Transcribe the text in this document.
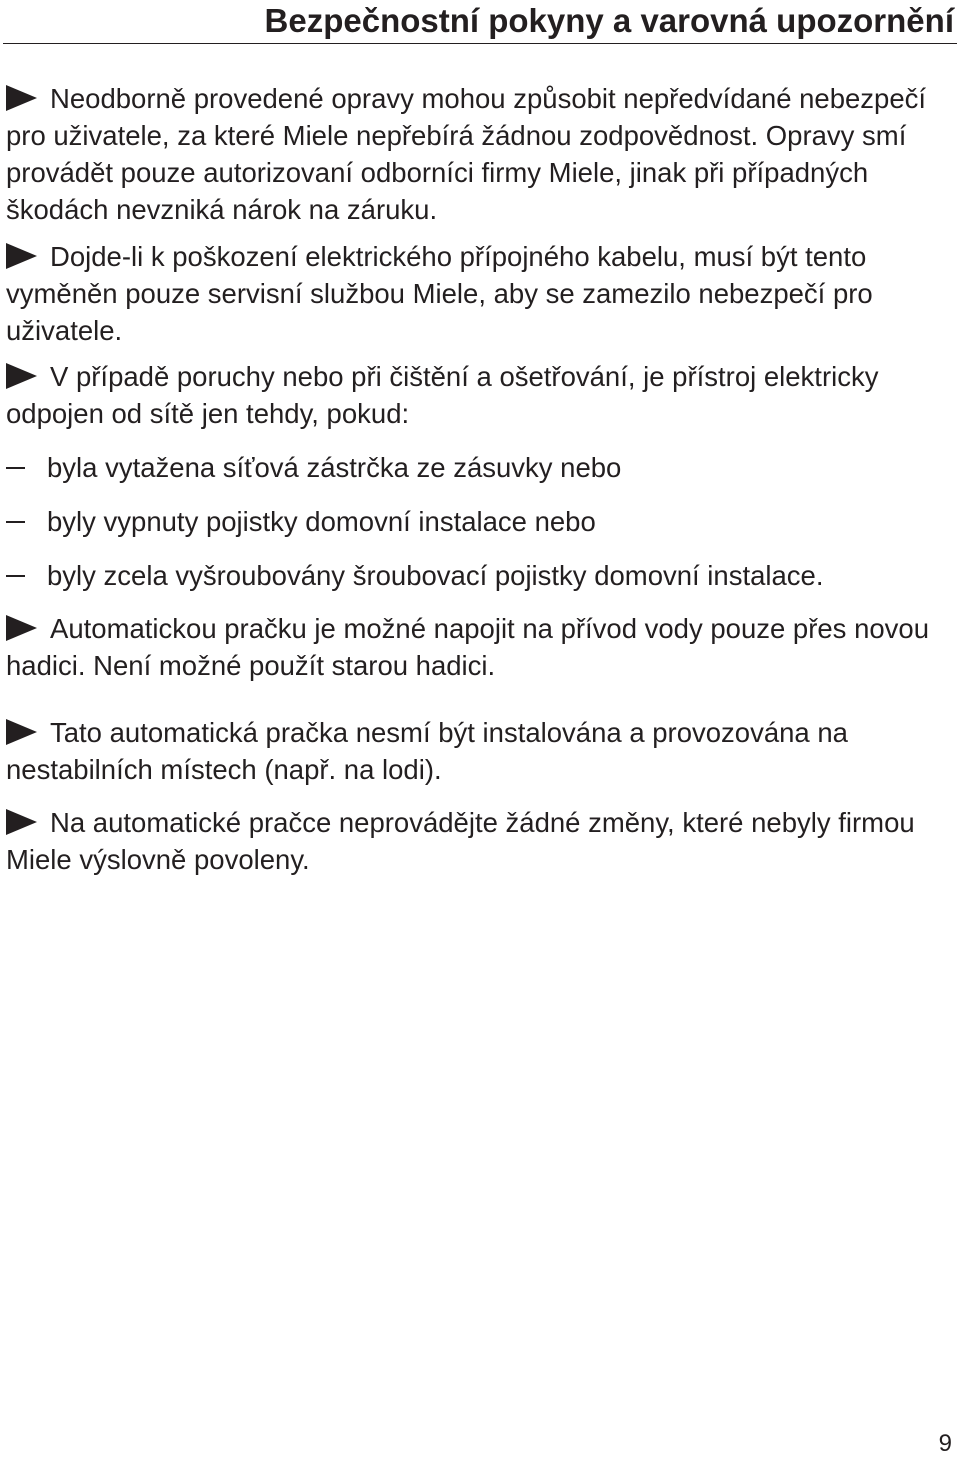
Bezpečnostní pokyny a varovná upozornění

Neodborně provedené opravy mohou způsobit nepředvídané nebezpečí pro uživatele, za které Miele nepřebírá žádnou zodpovědnost. Opravy smí provádět pouze autorizovaní odborníci firmy Miele, jinak při případných škodách nevzniká nárok na záruku.

Dojde-li k poškození elektrického přípojného kabelu, musí být tento vyměněn pouze servisní službou Miele, aby se zamezilo nebezpečí pro uživatele.

V případě poruchy nebo při čištění a ošetřování, je přístroj elektricky odpojen od sítě jen tehdy, pokud:

byla vytažena síťová zástrčka ze zásuvky nebo
byly vypnuty pojistky domovní instalace nebo
byly zcela vyšroubovány šroubovací pojistky domovní instalace.

Automatickou pračku je možné napojit na přívod vody pouze přes novou hadici. Není možné použít starou hadici.

Tato automatická pračka nesmí být instalována a provozována na nestabilních místech (např. na lodi).

Na automatické pračce neprovádějte žádné změny, které nebyly firmou Miele výslovně povoleny.

9
